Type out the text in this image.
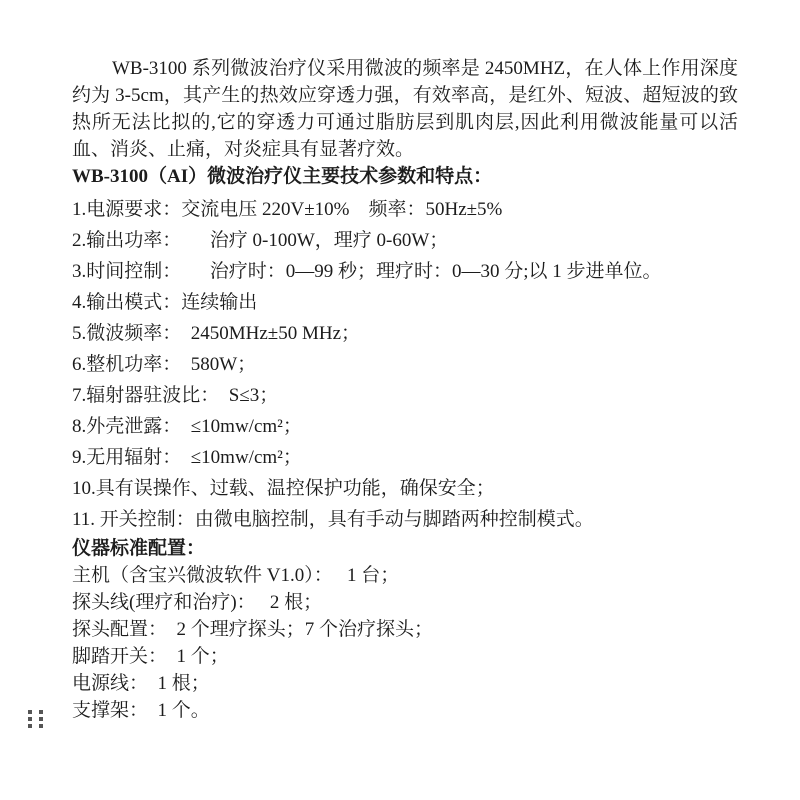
WB-3100 系列微波治疗仪采用微波的频率是 2450MHZ，在人体上作用深度约为 3-5cm，其产生的热效应穿透力强，有效率高，是红外、短波、超短波的致热所无法比拟的,它的穿透力可通过脂肪层到肌肉层,因此利用微波能量可以活血、消炎、止痛，对炎症具有显著疗效。

WB-3100（AI）微波治疗仪主要技术参数和特点：
1.电源要求：交流电压 220V±10%    频率：50Hz±5%
2.输出功率：      治疗 0-100W，理疗 0-60W；
3.时间控制：      治疗时：0—99 秒；理疗时：0—30 分;以 1 步进单位。
4.输出模式：连续输出
5.微波频率：  2450MHz±50 MHz；
6.整机功率：  580W；
7.辐射器驻波比：  S≤3；
8.外壳泄露：  ≤10mw/cm²；
9.无用辐射：  ≤10mw/cm²；
10.具有误操作、过载、温控保护功能，确保安全；
11. 开关控制：由微电脑控制，具有手动与脚踏两种控制模式。
仪器标准配置：
主机（含宝兴微波软件 V1.0）：   1 台；
探头线(理疗和治疗)：   2 根；
探头配置：  2 个理疗探头；7 个治疗探头；
脚踏开关：  1 个；
电源线：  1 根；
支撑架：  1 个。
